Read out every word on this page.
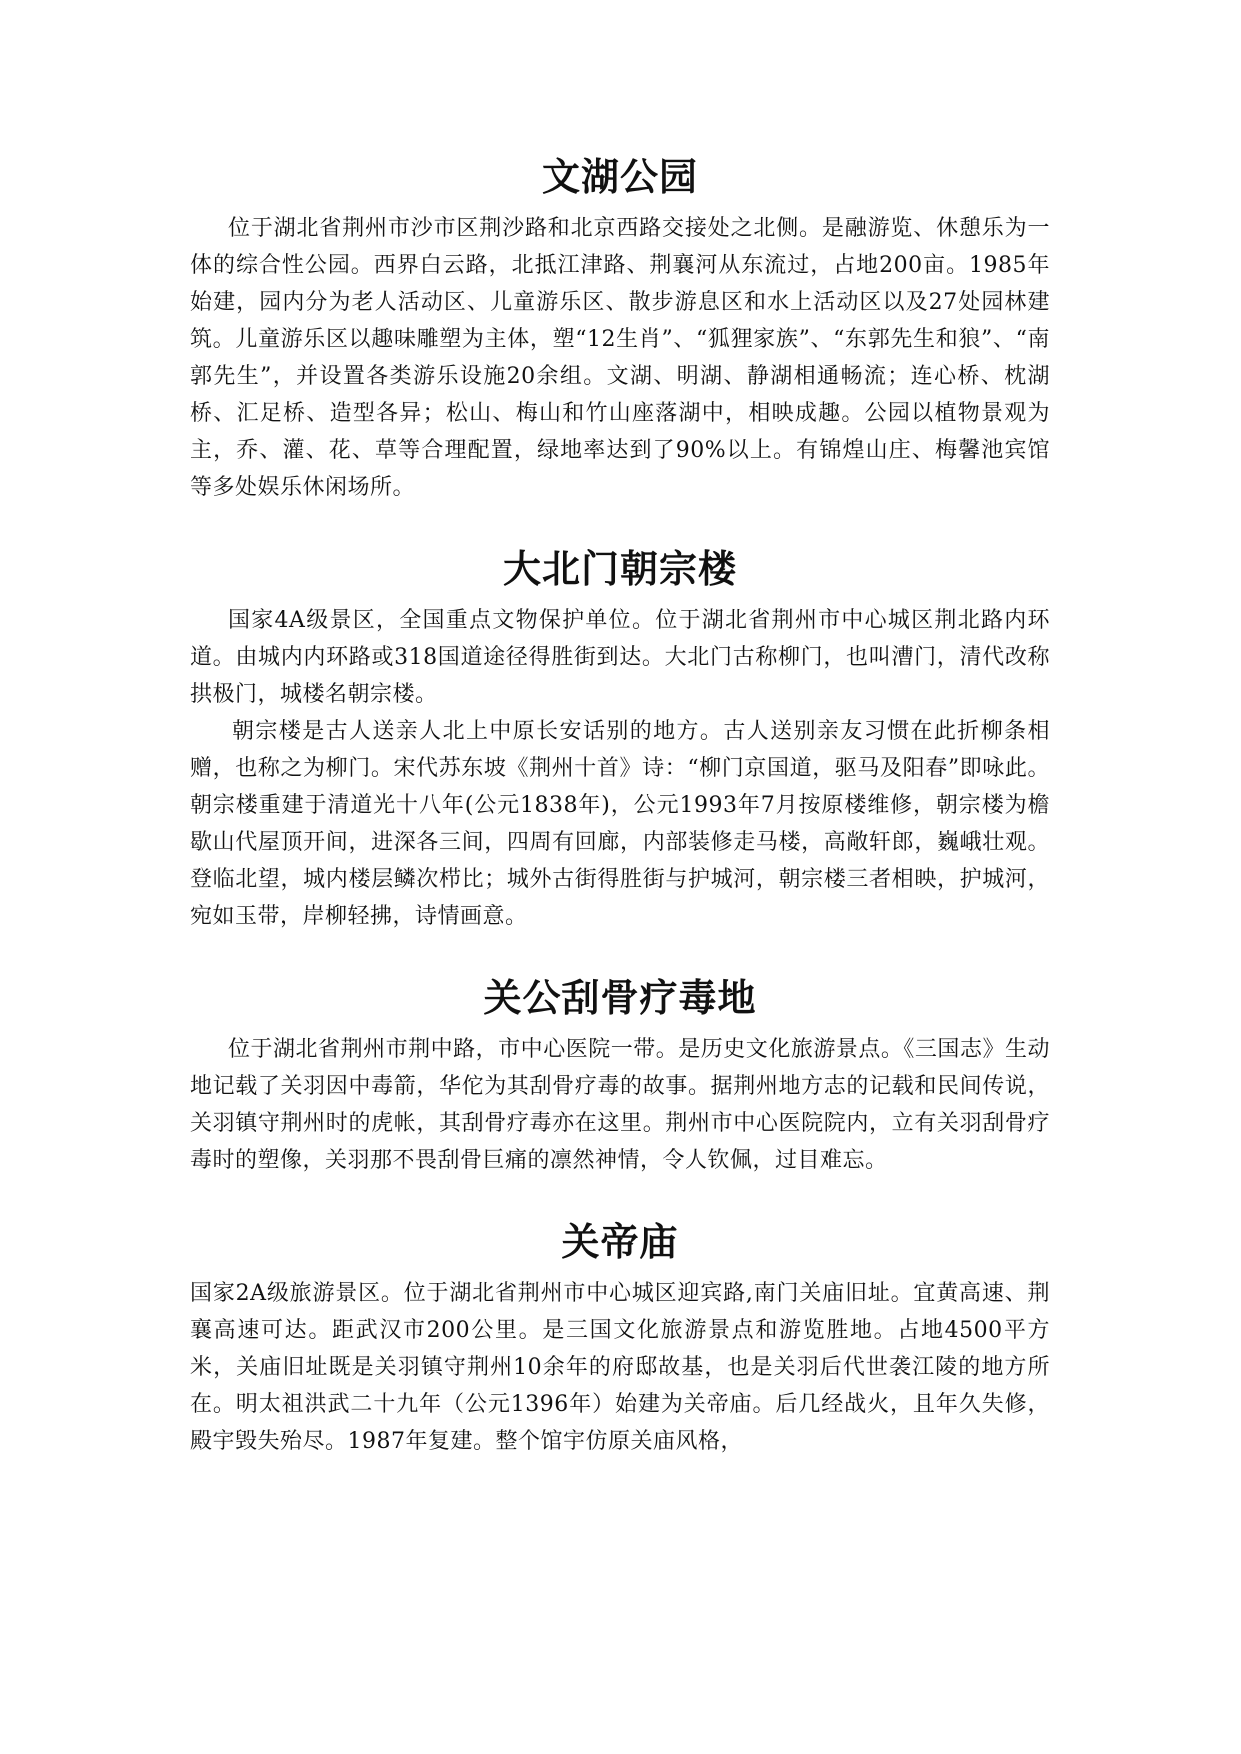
文湖公园

位于湖北省荆州市沙市区荆沙路和北京西路交接处之北侧。是融游览、休憩乐为一体的综合性公园。西界白云路，北抵江津路、荆襄河从东流过，占地200亩。1985年始建，园内分为老人活动区、儿童游乐区、散步游息区和水上活动区以及27处园林建筑。儿童游乐区以趣味雕塑为主体，塑“12生肖”、“狐狸家族”、“东郭先生和狼”、“南郭先生”，并设置各类游乐设施20余组。文湖、明湖、静湖相通畅流；连心桥、枕湖桥、汇足桥、造型各异；松山、梅山和竹山座落湖中，相映成趣。公园以植物景观为主，乔、灌、花、草等合理配置，绿地率达到了90%以上。有锦煌山庄、梅馨池宾馆等多处娱乐休闲场所。

大北门朝宗楼

国家4A级景区，全国重点文物保护单位。位于湖北省荆州市中心城区荆北路内环道。由城内内环路或318国道途径得胜街到达。大北门古称柳门，也叫漕门，清代改称拱极门，城楼名朝宗楼。

朝宗楼是古人送亲人北上中原长安话别的地方。古人送别亲友习惯在此折柳条相赠，也称之为柳门。宋代苏东坡《荆州十首》诗：“柳门京国道，驱马及阳春”即咏此。朝宗楼重建于清道光十八年(公元1838年)，公元1993年7月按原楼维修，朝宗楼为檐歇山代屋顶开间，进深各三间，四周有回廊，内部装修走马楼，高敞轩郎，巍峨壮观。登临北望，城内楼层鳞次栉比；城外古街得胜街与护城河，朝宗楼三者相映，护城河，宛如玉带，岸柳轻拂，诗情画意。

关公刮骨疗毒地

位于湖北省荆州市荆中路，市中心医院一带。是历史文化旅游景点。《三国志》生动地记载了关羽因中毒箭，华佗为其刮骨疗毒的故事。据荆州地方志的记载和民间传说，关羽镇守荆州时的虎帐，其刮骨疗毒亦在这里。荆州市中心医院院内，立有关羽刮骨疗毒时的塑像，关羽那不畏刮骨巨痛的凛然神情，令人钦佩，过目难忘。

关帝庙

国家2A级旅游景区。位于湖北省荆州市中心城区迎宾路,南门关庙旧址。宜黄高速、荆襄高速可达。距武汉市200公里。是三国文化旅游景点和游览胜地。占地4500平方米，关庙旧址既是关羽镇守荆州10余年的府邸故基，也是关羽后代世袭江陵的地方所在。明太祖洪武二十九年（公元1396年）始建为关帝庙。后几经战火，且年久失修，殿宇毁失殆尽。1987年复建。整个馆宇仿原关庙风格，
